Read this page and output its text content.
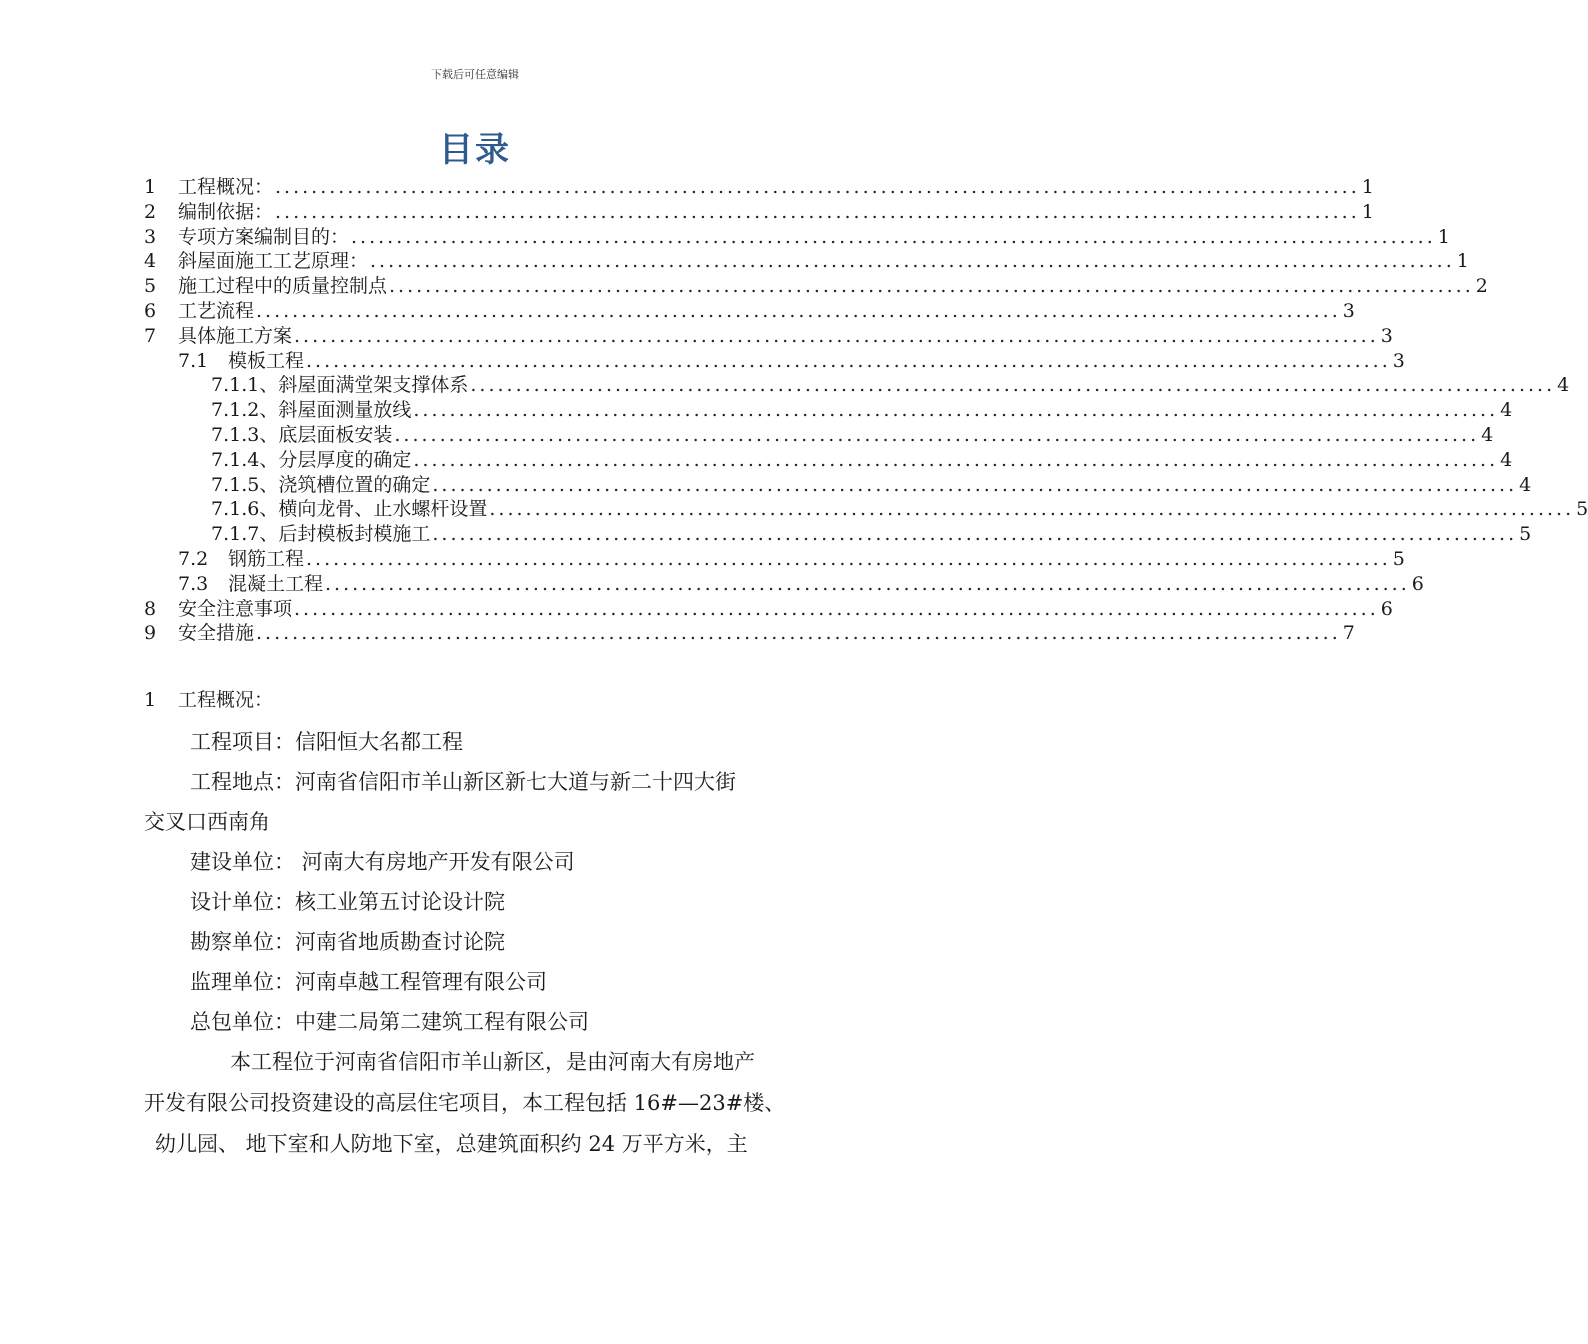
下载后可任意编辑
目录
1	工程概况： ........................................................................................................................ 1
2	编制依据： ........................................................................................................................ 1
3	专项方案编制目的： ........................................................................................................................ 1
4	斜屋面施工工艺原理： ........................................................................................................................ 1
5	施工过程中的质量控制点 ........................................................................................................................ 2
6	工艺流程 ........................................................................................................................ 3
7	具体施工方案 ........................................................................................................................ 3
7.1	模板工程 ........................................................................................................................ 3
7.1.1、 斜屋面满堂架支撑体系 ........................................................................................................................ 4
7.1.2、 斜屋面测量放线 ........................................................................................................................ 4
7.1.3、 底层面板安装 ........................................................................................................................ 4
7.1.4、 分层厚度的确定 ........................................................................................................................ 4
7.1.5、 浇筑槽位置的确定 ........................................................................................................................ 4
7.1.6、 横向龙骨、止水螺杆设置 ........................................................................................................................ 5
7.1.7、 后封模板封模施工 ........................................................................................................................ 5
7.2	钢筋工程 ........................................................................................................................ 5
7.3	混凝土工程 ........................................................................................................................ 6
8	安全注意事项 ........................................................................................................................ 6
9	安全措施 ........................................................................................................................ 7
1 工程概况：
工程项目：信阳恒大名都工程
工程地点：河南省信阳市羊山新区新七大道与新二十四大街
交叉口西南角
建设单位： 河南大有房地产开发有限公司
设计单位：核工业第五讨论设计院
勘察单位：河南省地质勘查讨论院
监理单位：河南卓越工程管理有限公司
总包单位：中建二局第二建筑工程有限公司
本工程位于河南省信阳市羊山新区，是由河南大有房地产
开发有限公司投资建设的高层住宅项目，本工程包括 16#—23#楼、
幼儿园、 地下室和人防地下室，总建筑面积约 24 万平方米，主
